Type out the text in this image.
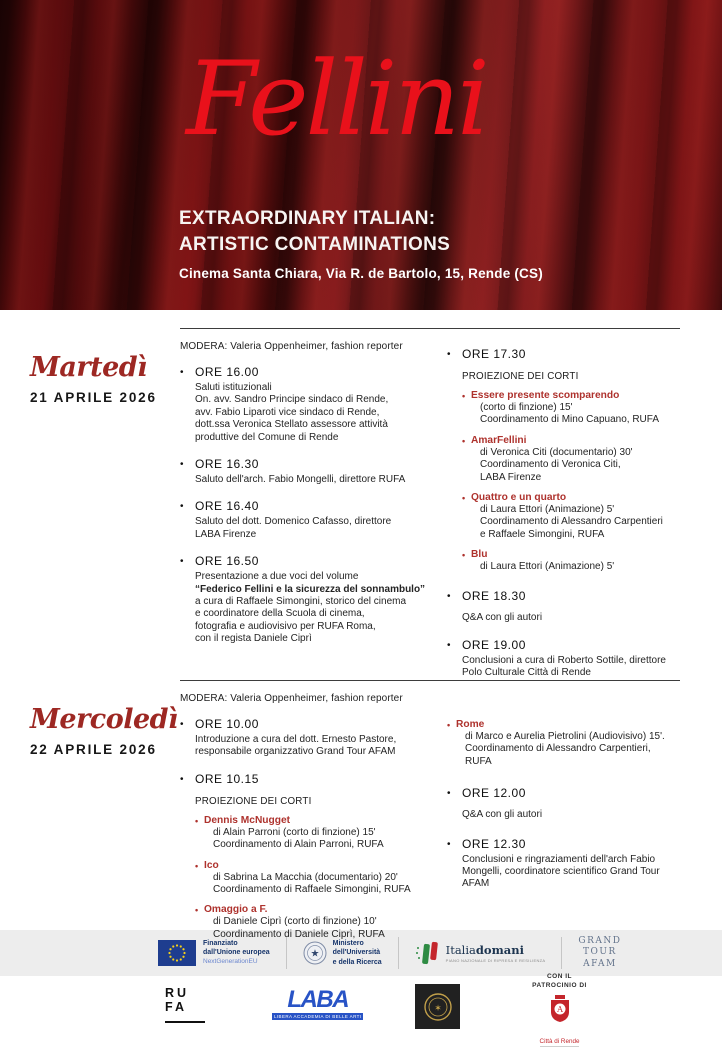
Fellini
EXTRAORDINARY ITALIAN:
ARTISTIC CONTAMINATIONS
Cinema Santa Chiara, Via R. de Bartolo, 15, Rende (CS)
Martedì
21 APRILE 2026
MODERA: Valeria Oppenheimer, fashion reporter
• ORE 16.00
Saluti istituzionali
On. avv. Sandro Principe sindaco di Rende,
avv. Fabio Liparoti vice sindaco di Rende,
dott.ssa Veronica Stellato assessore attività
produttive del Comune di Rende
• ORE 16.30
Saluto dell'arch. Fabio Mongelli, direttore RUFA
• ORE 16.40
Saluto del dott. Domenico Cafasso, direttore
LABA Firenze
• ORE 16.50
Presentazione a due voci del volume
“Federico Fellini e la sicurezza del sonnambulo”
a cura di Raffaele Simongini, storico del cinema
e coordinatore della Scuola di cinema,
fotografia e audiovisivo per RUFA Roma,
con il regista Daniele Ciprì
• ORE 17.30
PROIEZIONE DEI CORTI
• Essere presente scomparendo
(corto di finzione) 15'
Coordinamento di Mino Capuano, RUFA
• AmarFellini
di Veronica Citi (documentario) 30'
Coordinamento di Veronica Citi,
LABA Firenze
• Quattro e un quarto
di Laura Ettori (Animazione) 5'
Coordinamento di Alessandro Carpentieri
e Raffaele Simongini, RUFA
• Blu
di Laura Ettori (Animazione) 5'
• ORE 18.30
Q&A con gli autori
• ORE 19.00
Conclusioni a cura di Roberto Sottile, direttore
Polo Culturale Città di Rende
Mercoledì
22 APRILE 2026
MODERA: Valeria Oppenheimer, fashion reporter
• ORE 10.00
Introduzione a cura del dott. Ernesto Pastore,
responsabile organizzativo Grand Tour AFAM
• ORE 10.15
PROIEZIONE DEI CORTI
• Dennis McNugget
di Alain Parroni (corto di finzione) 15'
Coordinamento di Alain Parroni, RUFA
• Ico
di Sabrina La Macchia (documentario) 20'
Coordinamento di Raffaele Simongini, RUFA
• Omaggio a F.
di Daniele Ciprì (corto di finzione) 10'
Coordinamento di Daniele Ciprì, RUFA
• Rome
di Marco e Aurelia Pietrolini (Audiovisivo) 15'.
Coordinamento di Alessandro Carpentieri,
RUFA
• ORE 12.00
Q&A con gli autori
• ORE 12.30
Conclusioni e ringraziamenti dell'arch Fabio
Mongelli, coordinatore scientifico Grand Tour
AFAM
Finanziato
dall'Unione europea
NextGenerationEU
★
Ministero
dell'Università
e della Ricerca
Italiadomani
PIANO NAZIONALE DI RIPRESA E RESILIENZA
GRAND
TOUR
AFAM
RU
FA	LABA
LIBERA ACCADEMIA DI BELLE ARTI
✶
CON IL
PATROCINIO DI
A
Città di Rende
